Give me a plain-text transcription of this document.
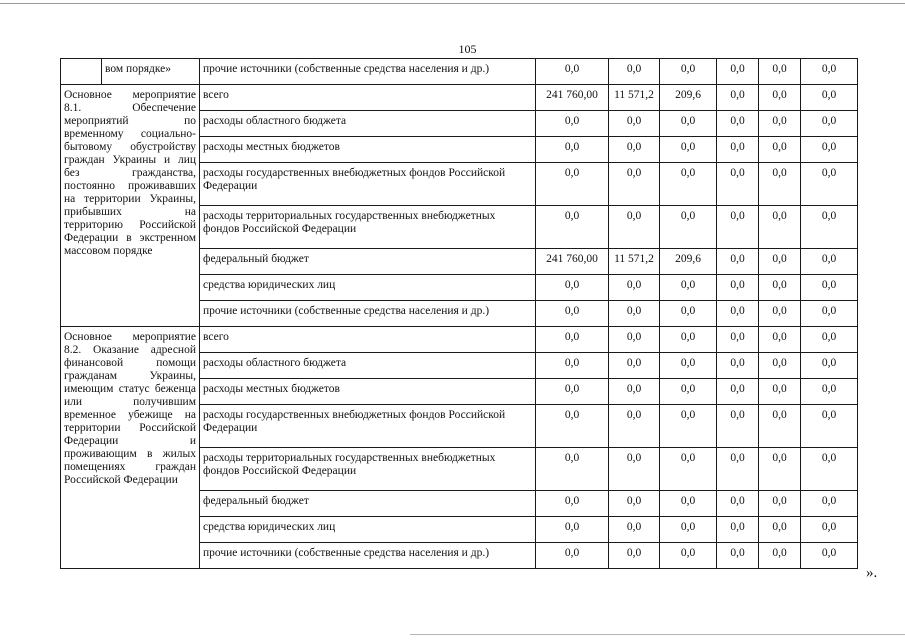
105
	вом порядке»	прочие источники (собственные средства населения и др.)	0,0	0,0	0,0	0,0	0,0	0,0
Основное мероприятие 8.1. Обеспечение мероприятий по временному социально-бытовому обустройству граждан Украины и лиц без гражданства, постоянно проживавших на территории Украины, прибывших на территорию Российской Федерации в экстренном массовом порядке		всего	241 760,00	11 571,2	209,6	0,0	0,0	0,0
		расходы областного бюджета	0,0	0,0	0,0	0,0	0,0	0,0
		расходы местных бюджетов	0,0	0,0	0,0	0,0	0,0	0,0
		расходы государственных внебюджетных фондов Российской Федерации	0,0	0,0	0,0	0,0	0,0	0,0
		расходы территориальных государственных внебюджетных фондов Российской Федерации	0,0	0,0	0,0	0,0	0,0	0,0
		федеральный бюджет	241 760,00	11 571,2	209,6	0,0	0,0	0,0
		средства юридических лиц	0,0	0,0	0,0	0,0	0,0	0,0
		прочие источники (собственные средства населения и др.)	0,0	0,0	0,0	0,0	0,0	0,0
Основное мероприятие 8.2. Оказание адресной финансовой помощи гражданам Украины, имеющим статус беженца или получившим временное убежище на территории Российской Федерации и проживающим в жилых помещениях граждан Российской Федерации		всего	0,0	0,0	0,0	0,0	0,0	0,0
		расходы областного бюджета	0,0	0,0	0,0	0,0	0,0	0,0
		расходы местных бюджетов	0,0	0,0	0,0	0,0	0,0	0,0
		расходы государственных внебюджетных фондов Российской Федерации	0,0	0,0	0,0	0,0	0,0	0,0
		расходы территориальных государственных внебюджетных фондов Российской Федерации	0,0	0,0	0,0	0,0	0,0	0,0
		федеральный бюджет	0,0	0,0	0,0	0,0	0,0	0,0
		средства юридических лиц	0,0	0,0	0,0	0,0	0,0	0,0
		прочие источники (собственные средства населения и др.)	0,0	0,0	0,0	0,0	0,0	0,0
».
